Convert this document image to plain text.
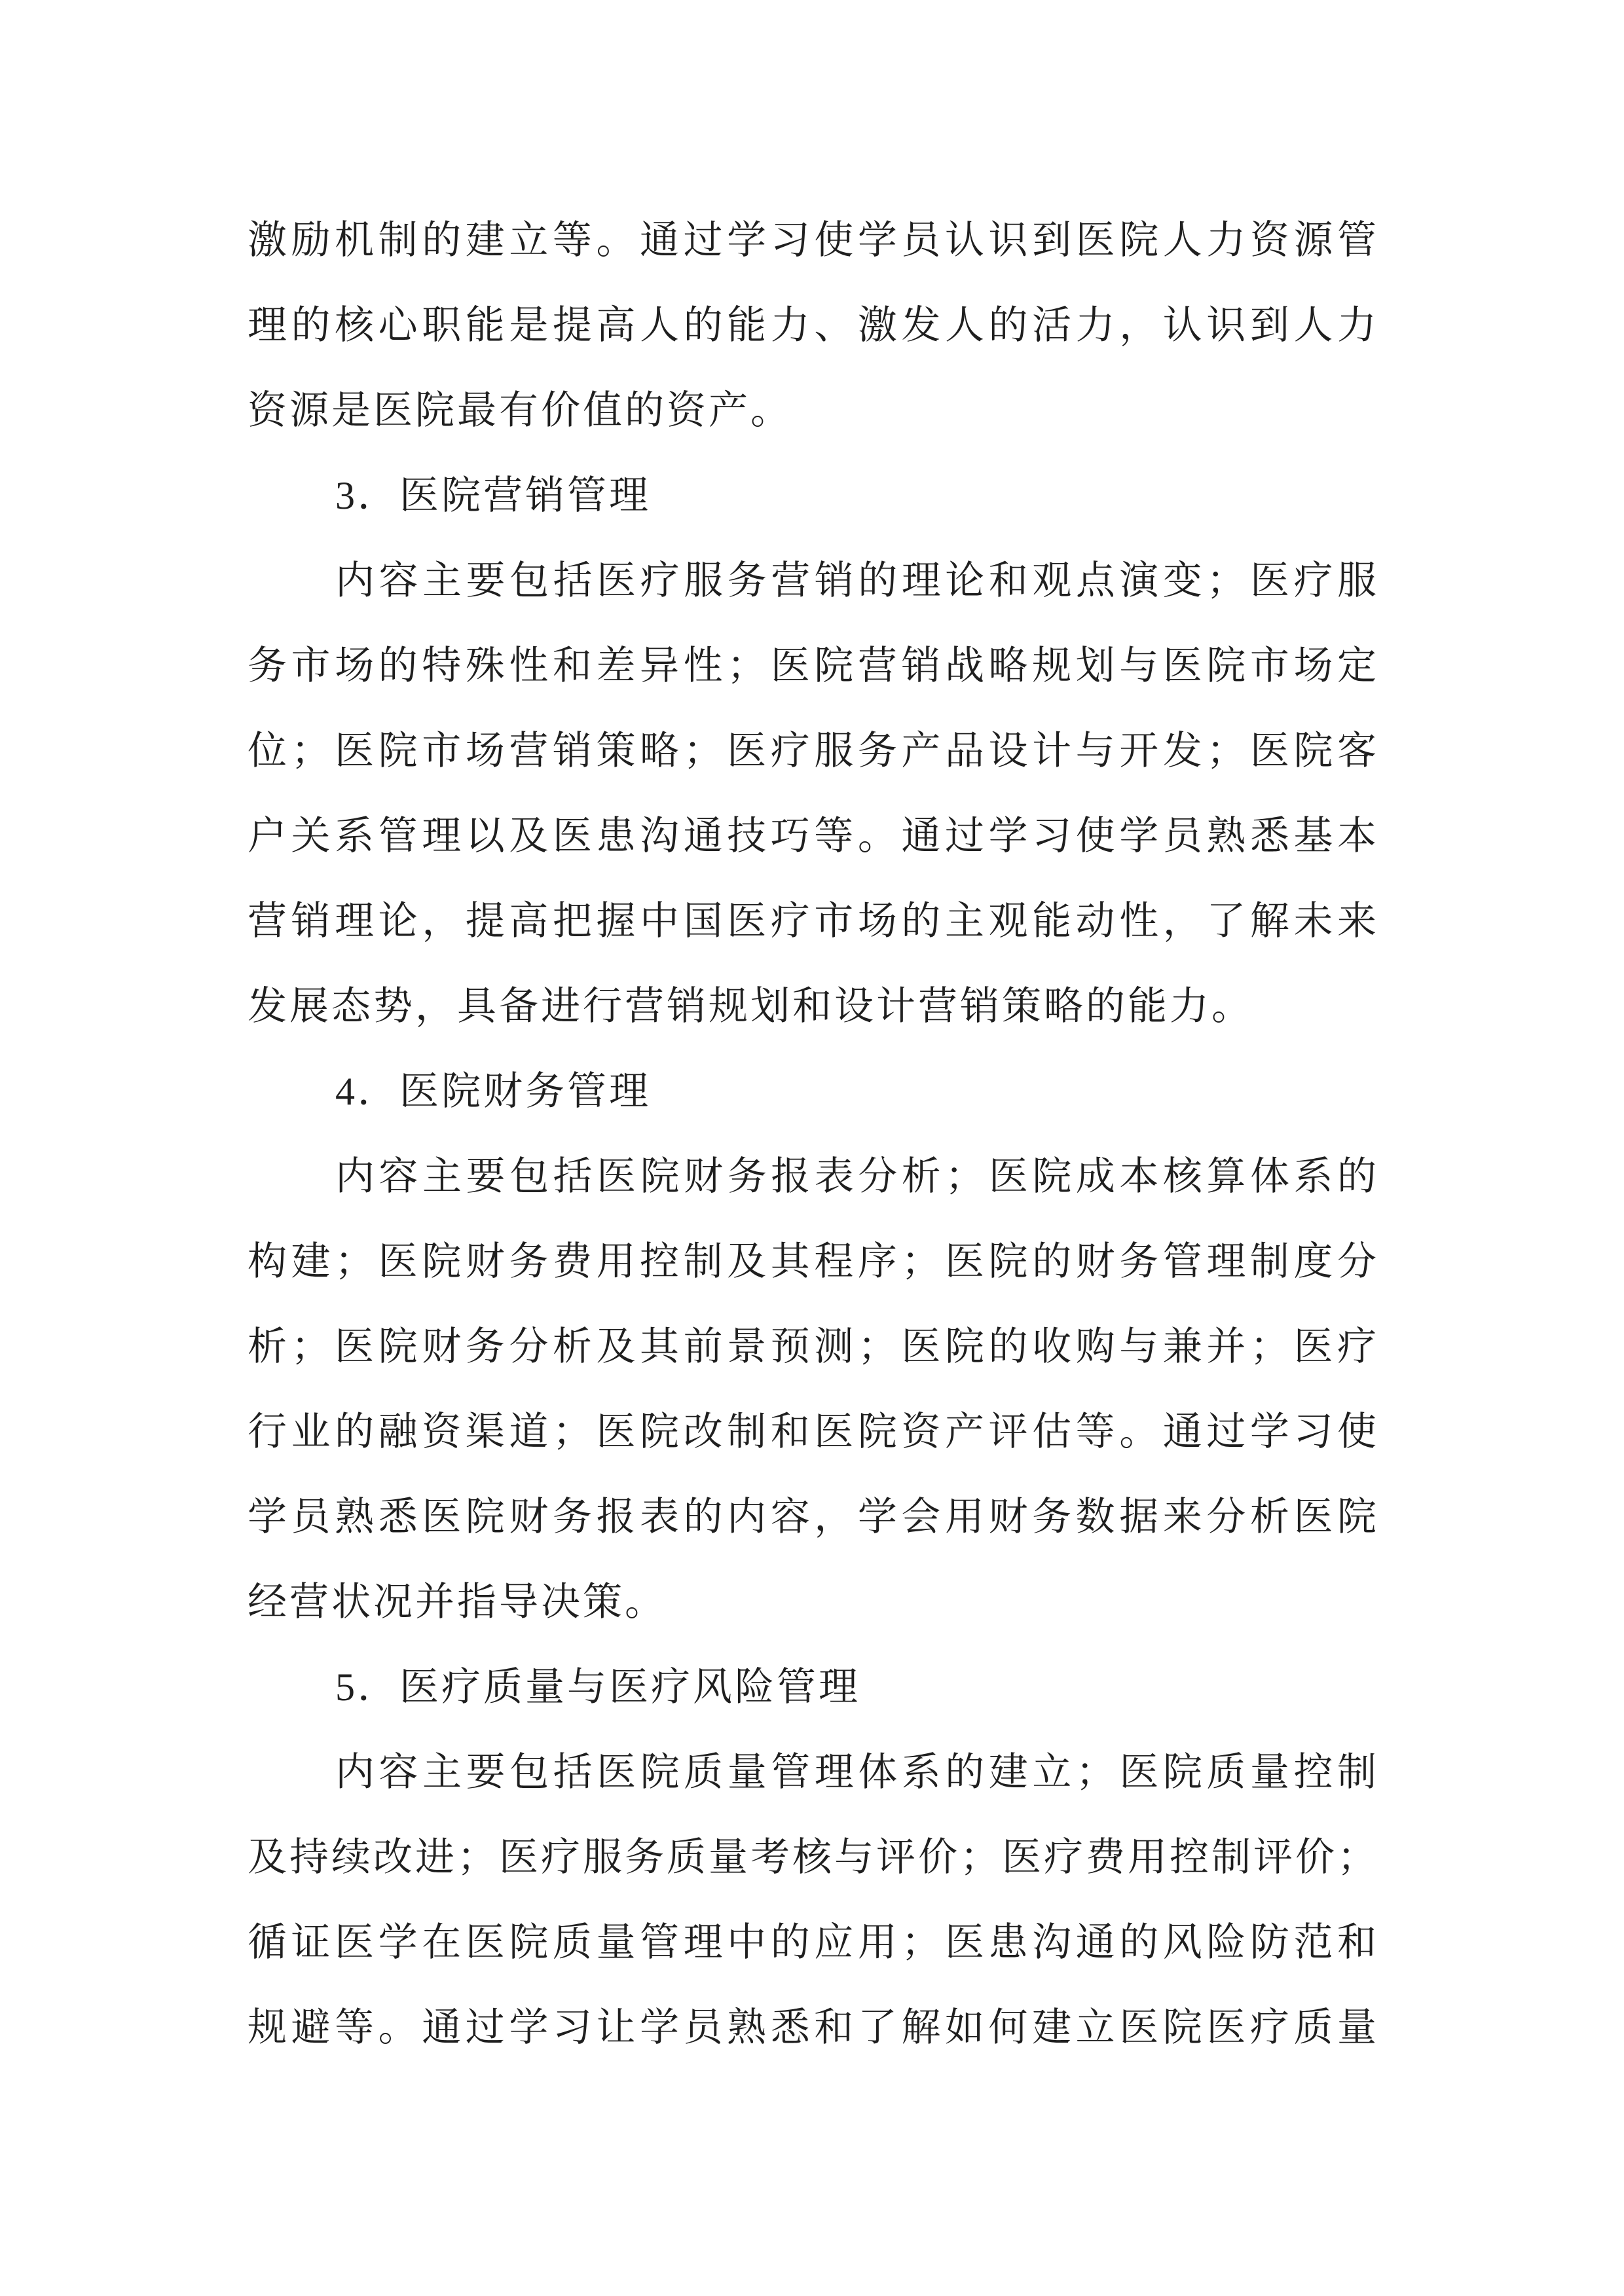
激励机制的建立等。通过学习使学员认识到医院人力资源管
理的核心职能是提高人的能力、激发人的活力，认识到人力
资源是医院最有价值的资产。
3．医院营销管理
内容主要包括医疗服务营销的理论和观点演变；医疗服
务市场的特殊性和差异性；医院营销战略规划与医院市场定
位；医院市场营销策略；医疗服务产品设计与开发；医院客
户关系管理以及医患沟通技巧等。通过学习使学员熟悉基本
营销理论，提高把握中国医疗市场的主观能动性，了解未来
发展态势，具备进行营销规划和设计营销策略的能力。
4．医院财务管理
内容主要包括医院财务报表分析；医院成本核算体系的
构建；医院财务费用控制及其程序；医院的财务管理制度分
析；医院财务分析及其前景预测；医院的收购与兼并；医疗
行业的融资渠道；医院改制和医院资产评估等。通过学习使
学员熟悉医院财务报表的内容，学会用财务数据来分析医院
经营状况并指导决策。
5．医疗质量与医疗风险管理
内容主要包括医院质量管理体系的建立；医院质量控制
及持续改进；医疗服务质量考核与评价；医疗费用控制评价；
循证医学在医院质量管理中的应用；医患沟通的风险防范和
规避等。通过学习让学员熟悉和了解如何建立医院医疗质量
